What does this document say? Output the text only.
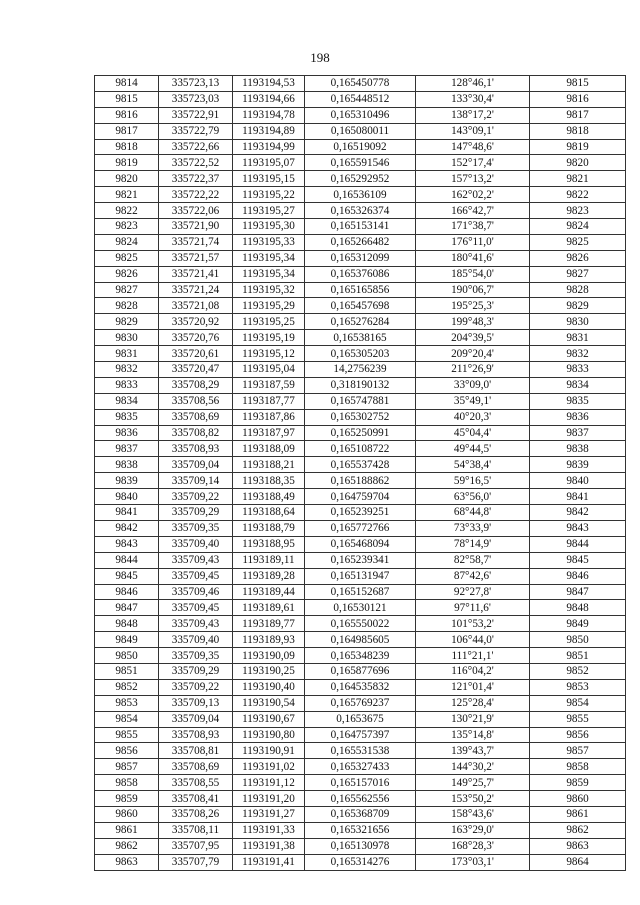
198
9814	335723,13	1193194,53	0,165450778	128°46,1'	9815
9815	335723,03	1193194,66	0,165448512	133°30,4'	9816
9816	335722,91	1193194,78	0,165310496	138°17,2'	9817
9817	335722,79	1193194,89	0,165080011	143°09,1'	9818
9818	335722,66	1193194,99	0,16519092	147°48,6'	9819
9819	335722,52	1193195,07	0,165591546	152°17,4'	9820
9820	335722,37	1193195,15	0,165292952	157°13,2'	9821
9821	335722,22	1193195,22	0,16536109	162°02,2'	9822
9822	335722,06	1193195,27	0,165326374	166°42,7'	9823
9823	335721,90	1193195,30	0,165153141	171°38,7'	9824
9824	335721,74	1193195,33	0,165266482	176°11,0'	9825
9825	335721,57	1193195,34	0,165312099	180°41,6'	9826
9826	335721,41	1193195,34	0,165376086	185°54,0'	9827
9827	335721,24	1193195,32	0,165165856	190°06,7'	9828
9828	335721,08	1193195,29	0,165457698	195°25,3'	9829
9829	335720,92	1193195,25	0,165276284	199°48,3'	9830
9830	335720,76	1193195,19	0,16538165	204°39,5'	9831
9831	335720,61	1193195,12	0,165305203	209°20,4'	9832
9832	335720,47	1193195,04	14,2756239	211°26,9'	9833
9833	335708,29	1193187,59	0,318190132	33°09,0'	9834
9834	335708,56	1193187,77	0,165747881	35°49,1'	9835
9835	335708,69	1193187,86	0,165302752	40°20,3'	9836
9836	335708,82	1193187,97	0,165250991	45°04,4'	9837
9837	335708,93	1193188,09	0,165108722	49°44,5'	9838
9838	335709,04	1193188,21	0,165537428	54°38,4'	9839
9839	335709,14	1193188,35	0,165188862	59°16,5'	9840
9840	335709,22	1193188,49	0,164759704	63°56,0'	9841
9841	335709,29	1193188,64	0,165239251	68°44,8'	9842
9842	335709,35	1193188,79	0,165772766	73°33,9'	9843
9843	335709,40	1193188,95	0,165468094	78°14,9'	9844
9844	335709,43	1193189,11	0,165239341	82°58,7'	9845
9845	335709,45	1193189,28	0,165131947	87°42,6'	9846
9846	335709,46	1193189,44	0,165152687	92°27,8'	9847
9847	335709,45	1193189,61	0,16530121	97°11,6'	9848
9848	335709,43	1193189,77	0,165550022	101°53,2'	9849
9849	335709,40	1193189,93	0,164985605	106°44,0'	9850
9850	335709,35	1193190,09	0,165348239	111°21,1'	9851
9851	335709,29	1193190,25	0,165877696	116°04,2'	9852
9852	335709,22	1193190,40	0,164535832	121°01,4'	9853
9853	335709,13	1193190,54	0,165769237	125°28,4'	9854
9854	335709,04	1193190,67	0,1653675	130°21,9'	9855
9855	335708,93	1193190,80	0,164757397	135°14,8'	9856
9856	335708,81	1193190,91	0,165531538	139°43,7'	9857
9857	335708,69	1193191,02	0,165327433	144°30,2'	9858
9858	335708,55	1193191,12	0,165157016	149°25,7'	9859
9859	335708,41	1193191,20	0,165562556	153°50,2'	9860
9860	335708,26	1193191,27	0,165368709	158°43,6'	9861
9861	335708,11	1193191,33	0,165321656	163°29,0'	9862
9862	335707,95	1193191,38	0,165130978	168°28,3'	9863
9863	335707,79	1193191,41	0,165314276	173°03,1'	9864
